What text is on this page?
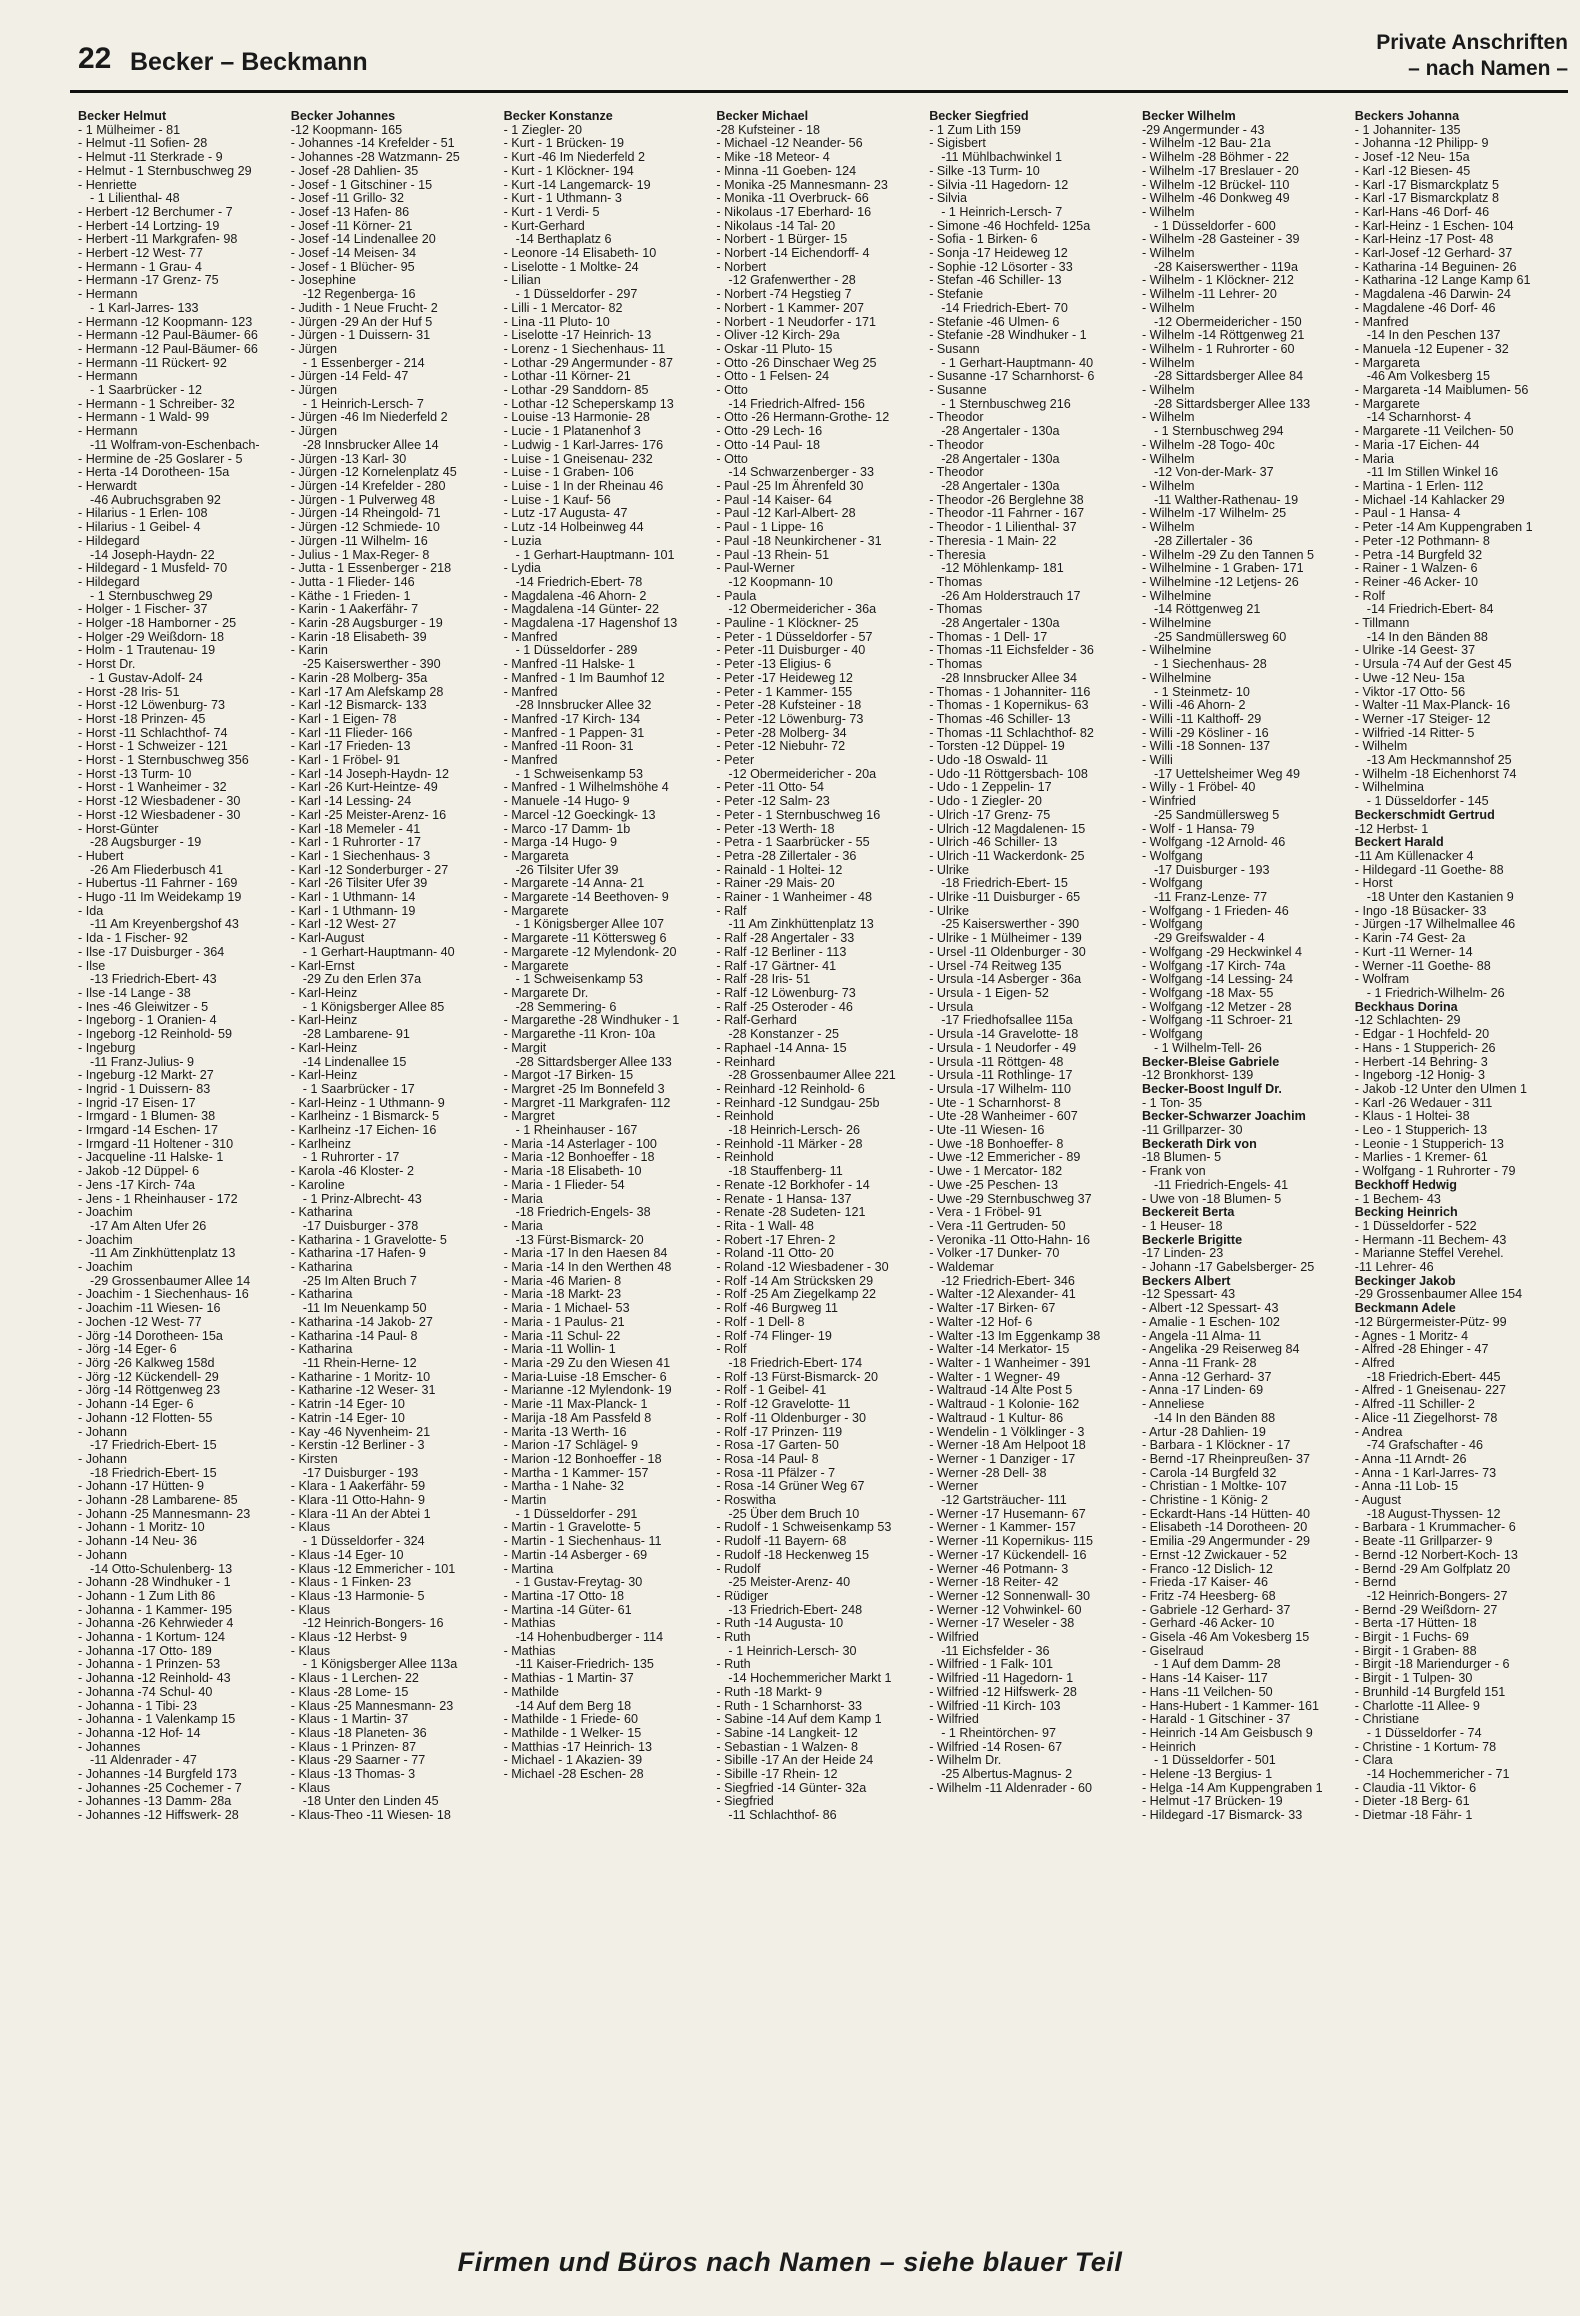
22 Becker – Beckmann
Private Anschriften
– nach Namen –
Becker Helmut
- 1 Mülheimer - 81
- Helmut -11 Sofien- 28
- Helmut -11 Sterkrade - 9
- Helmut - 1 Sternbuschweg 29
- Henriette
- 1 Lilienthal- 48
- Herbert -12 Berchumer - 7
- Herbert -14 Lortzing- 19
- Herbert -11 Markgrafen- 98
- Herbert -12 West- 77
- Hermann - 1 Grau- 4
- Hermann -17 Grenz- 75
- Hermann
- 1 Karl-Jarres- 133
- Hermann -12 Koopmann- 123
- Hermann -12 Paul-Bäumer- 66
- Hermann -12 Paul-Bäumer- 66
- Hermann -11 Rückert- 92
- Hermann
- 1 Saarbrücker - 12
- Hermann - 1 Schreiber- 32
- Hermann - 1 Wald- 99
- Hermann
-11 Wolfram-von-Eschenbach-
- Hermine de -25 Goslarer - 5
- Herta -14 Dorotheen- 15a
- Herwardt
-46 Aubruchsgraben 92
- Hilarius - 1 Erlen- 108
- Hilarius - 1 Geibel- 4
- Hildegard
-14 Joseph-Haydn- 22
- Hildegard - 1 Musfeld- 70
- Hildegard
- 1 Sternbuschweg 29
- Holger - 1 Fischer- 37
- Holger -18 Hamborner - 25
- Holger -29 Weißdorn- 18
- Holm - 1 Trautenau- 19
- Horst Dr.
- 1 Gustav-Adolf- 24
- Horst -28 Iris- 51
- Horst -12 Löwenburg- 73
- Horst -18 Prinzen- 45
- Horst -11 Schlachthof- 74
- Horst - 1 Schweizer - 121
- Horst - 1 Sternbuschweg 356
- Horst -13 Turm- 10
- Horst - 1 Wanheimer - 32
- Horst -12 Wiesbadener - 30
- Horst -12 Wiesbadener - 30
- Horst-Günter
-28 Augsburger - 19
- Hubert
-26 Am Fliederbusch 41
- Hubertus -11 Fahrner - 169
- Hugo -11 Im Weidekamp 19
- Ida
-11 Am Kreyenbergshof 43
- Ida - 1 Fischer- 92
- Ilse -17 Duisburger - 364
- Ilse
-13 Friedrich-Ebert- 43
- Ilse -14 Lange - 38
- Ines -46 Gleiwitzer - 5
- Ingeborg - 1 Oranien- 4
- Ingeborg -12 Reinhold- 59
- Ingeburg
-11 Franz-Julius- 9
- Ingeburg -12 Markt- 27
- Ingrid - 1 Duissern- 83
- Ingrid -17 Eisen- 17
- Irmgard - 1 Blumen- 38
- Irmgard -14 Eschen- 17
- Irmgard -11 Holtener - 310
- Jacqueline -11 Halske- 1
- Jakob -12 Düppel- 6
- Jens -17 Kirch- 74a
- Jens - 1 Rheinhauser - 172
- Joachim
-17 Am Alten Ufer 26
- Joachim
-11 Am Zinkhüttenplatz 13
- Joachim
-29 Grossenbaumer Allee 14
- Joachim - 1 Siechenhaus- 16
- Joachim -11 Wiesen- 16
- Jochen -12 West- 77
- Jörg -14 Dorotheen- 15a
- Jörg -14 Eger- 6
- Jörg -26 Kalkweg 158d
- Jörg -12 Kückendell- 29
- Jörg -14 Röttgenweg 23
- Johann -14 Eger- 6
- Johann -12 Flotten- 55
- Johann
-17 Friedrich-Ebert- 15
- Johann
-18 Friedrich-Ebert- 15
- Johann -17 Hütten- 9
- Johann -28 Lambarene- 85
- Johann -25 Mannesmann- 23
- Johann - 1 Moritz- 10
- Johann -14 Neu- 36
- Johann
-14 Otto-Schulenberg- 13
- Johann -28 Windhuker - 1
- Johann - 1 Zum Lith 86
- Johanna - 1 Kammer- 195
- Johanna -26 Kehrwieder 4
- Johanna - 1 Kortum- 124
- Johanna -17 Otto- 189
- Johanna - 1 Prinzen- 53
- Johanna -12 Reinhold- 43
- Johanna -74 Schul- 40
- Johanna - 1 Tibi- 23
- Johanna - 1 Valenkamp 15
- Johanna -12 Hof- 14
- Johannes
-11 Aldenrader - 47
- Johannes -14 Burgfeld 173
- Johannes -25 Cochemer - 7
- Johannes -13 Damm- 28a
- Johannes -12 Hiffswerk- 28
Becker Johannes
-12 Koopmann- 165
- Johannes -14 Krefelder - 51
- Johannes -28 Watzmann- 25
- Josef -28 Dahlien- 35
- Josef - 1 Gitschiner - 15
- Josef -11 Grillo- 32
- Josef -13 Hafen- 86
- Josef -11 Körner- 21
- Josef -14 Lindenallee 20
- Josef -14 Meisen- 34
- Josef - 1 Blücher- 95
- Josephine
-12 Regenberga- 16
- Judith - 1 Neue Frucht- 2
- Jürgen -29 An der Huf 5
- Jürgen - 1 Duissern- 31
- Jürgen
- 1 Essenberger - 214
- Jürgen -14 Feld- 47
- Jürgen
- 1 Heinrich-Lersch- 7
- Jürgen -46 Im Niederfeld 2
- Jürgen
-28 Innsbrucker Allee 14
- Jürgen -13 Karl- 30
- Jürgen -12 Kornelenplatz 45
- Jürgen -14 Krefelder - 280
- Jürgen - 1 Pulverweg 48
- Jürgen -14 Rheingold- 71
- Jürgen -12 Schmiede- 10
- Jürgen -11 Wilhelm- 16
- Julius - 1 Max-Reger- 8
- Jutta - 1 Essenberger - 218
- Jutta - 1 Flieder- 146
- Käthe - 1 Frieden- 1
- Karin - 1 Aakerfähr- 7
- Karin -28 Augsburger - 19
- Karin -18 Elisabeth- 39
- Karin
-25 Kaiserswerther - 390
- Karin -28 Molberg- 35a
- Karl -17 Am Alefskamp 28
- Karl -12 Bismarck- 133
- Karl - 1 Eigen- 78
- Karl -11 Flieder- 166
- Karl -17 Frieden- 13
- Karl - 1 Fröbel- 91
- Karl -14 Joseph-Haydn- 12
- Karl -26 Kurt-Heintze- 49
- Karl -14 Lessing- 24
- Karl -25 Meister-Arenz- 16
- Karl -18 Memeler - 41
- Karl - 1 Ruhrorter - 17
- Karl - 1 Siechenhaus- 3
- Karl -12 Sonderburger - 27
- Karl -26 Tilsiter Ufer 39
- Karl - 1 Uthmann- 14
- Karl - 1 Uthmann- 19
- Karl -12 West- 27
- Karl-August
- 1 Gerhart-Hauptmann- 40
- Karl-Ernst
-29 Zu den Erlen 37a
- Karl-Heinz
- 1 Königsberger Allee 85
- Karl-Heinz
-28 Lambarene- 91
- Karl-Heinz
-14 Lindenallee 15
- Karl-Heinz
- 1 Saarbrücker - 17
- Karl-Heinz - 1 Uthmann- 9
- Karlheinz - 1 Bismarck- 5
- Karlheinz -17 Eichen- 16
- Karlheinz
- 1 Ruhrorter - 17
- Karola -46 Kloster- 2
- Karoline
- 1 Prinz-Albrecht- 43
- Katharina
-17 Duisburger - 378
- Katharina - 1 Gravelotte- 5
- Katharina -17 Hafen- 9
- Katharina
-25 Im Alten Bruch 7
- Katharina
-11 Im Neuenkamp 50
- Katharina -14 Jakob- 27
- Katharina -14 Paul- 8
- Katharina
-11 Rhein-Herne- 12
- Katharine - 1 Moritz- 10
- Katharine -12 Weser- 31
- Katrin -14 Eger- 10
- Katrin -14 Eger- 10
- Kay -46 Nyvenheim- 21
- Kerstin -12 Berliner - 3
- Kirsten
-17 Duisburger - 193
- Klara - 1 Aakerfähr- 59
- Klara -11 Otto-Hahn- 9
- Klara -11 An der Abtei 1
- Klaus
- 1 Düsseldorfer - 324
- Klaus -14 Eger- 10
- Klaus -12 Emmericher - 101
- Klaus - 1 Finken- 23
- Klaus -13 Harmonie- 5
- Klaus
-12 Heinrich-Bongers- 16
- Klaus -12 Herbst- 9
- Klaus
- 1 Königsberger Allee 113a
- Klaus - 1 Lerchen- 22
- Klaus -28 Lome- 15
- Klaus -25 Mannesmann- 23
- Klaus - 1 Martin- 37
- Klaus -18 Planeten- 36
- Klaus - 1 Prinzen- 87
- Klaus -29 Saarner - 77
- Klaus -13 Thomas- 3
- Klaus
-18 Unter den Linden 45
- Klaus-Theo -11 Wiesen- 18
Becker Konstanze
- 1 Ziegler- 20
- Kurt - 1 Brücken- 19
- Kurt -46 Im Niederfeld 2
- Kurt - 1 Klöckner- 194
- Kurt -14 Langemarck- 19
- Kurt - 1 Uthmann- 3
- Kurt - 1 Verdi- 5
- Kurt-Gerhard
-14 Berthaplatz 6
- Leonore -14 Elisabeth- 10
- Liselotte - 1 Moltke- 24
- Lilian
- 1 Düsseldorfer - 297
- Lilli - 1 Mercator- 82
- Lina -11 Pluto- 10
- Liselotte -17 Heinrich- 13
- Lorenz - 1 Siechenhaus- 11
- Lothar -29 Angermunder - 87
- Lothar -11 Körner- 21
- Lothar -29 Sanddorn- 85
- Lothar -12 Scheperskamp 13
- Louise -13 Harmonie- 28
- Lucie - 1 Platanenhof 3
- Ludwig - 1 Karl-Jarres- 176
- Luise - 1 Gneisenau- 232
- Luise - 1 Graben- 106
- Luise - 1 In der Rheinau 46
- Luise - 1 Kauf- 56
- Lutz -17 Augusta- 47
- Lutz -14 Holbeinweg 44
- Luzia
- 1 Gerhart-Hauptmann- 101
- Lydia
-14 Friedrich-Ebert- 78
- Magdalena -46 Ahorn- 2
- Magdalena -14 Günter- 22
- Magdalena -17 Hagenshof 13
- Manfred
- 1 Düsseldorfer - 289
- Manfred -11 Halske- 1
- Manfred - 1 Im Baumhof 12
- Manfred
-28 Innsbrucker Allee 32
- Manfred -17 Kirch- 134
- Manfred - 1 Pappen- 31
- Manfred -11 Roon- 31
- Manfred
- 1 Schweisenkamp 53
- Manfred - 1 Wilhelmshöhe 4
- Manuele -14 Hugo- 9
- Marcel -12 Goeckingk- 13
- Marco -17 Damm- 1b
- Marga -14 Hugo- 9
- Margareta
-26 Tilsiter Ufer 39
- Margarete -14 Anna- 21
- Margarete -14 Beethoven- 9
- Margarete
- 1 Königsberger Allee 107
- Margarete -11 Köttersweg 6
- Margarete -12 Mylendonk- 20
- Margarete
- 1 Schweisenkamp 53
- Margarete Dr.
-28 Semmering- 6
- Margarethe -28 Windhuker - 1
- Margarethe -11 Kron- 10a
- Margit
-28 Sittardsberger Allee 133
- Margot -17 Birken- 15
- Margret -25 Im Bonnefeld 3
- Margret -11 Markgrafen- 112
- Margret
- 1 Rheinhauser - 167
- Maria -14 Asterlager - 100
- Maria -12 Bonhoeffer - 18
- Maria -18 Elisabeth- 10
- Maria - 1 Flieder- 54
- Maria
-18 Friedrich-Engels- 38
- Maria
-13 Fürst-Bismarck- 20
- Maria -17 In den Haesen 84
- Maria -14 In den Werthen 48
- Maria -46 Marien- 8
- Maria -18 Markt- 23
- Maria - 1 Michael- 53
- Maria - 1 Paulus- 21
- Maria -11 Schul- 22
- Maria -11 Wollin- 1
- Maria -29 Zu den Wiesen 41
- Maria-Luise -18 Emscher- 6
- Marianne -12 Mylendonk- 19
- Marie -11 Max-Planck- 1
- Marija -18 Am Passfeld 8
- Marita -13 Werth- 16
- Marion -17 Schlägel- 9
- Marion -12 Bonhoeffer - 18
- Martha - 1 Kammer- 157
- Martha - 1 Nahe- 32
- Martin
- 1 Düsseldorfer - 291
- Martin - 1 Gravelotte- 5
- Martin - 1 Siechenhaus- 11
- Martin -14 Asberger - 69
- Martina
- 1 Gustav-Freytag- 30
- Martina -17 Otto- 18
- Martina -14 Güter- 61
- Mathias
-14 Hohenbudberger - 114
- Mathias
-11 Kaiser-Friedrich- 135
- Mathias - 1 Martin- 37
- Mathilde
-14 Auf dem Berg 18
- Mathilde - 1 Friede- 60
- Mathilde - 1 Welker- 15
- Matthias -17 Heinrich- 13
- Michael - 1 Akazien- 39
- Michael -28 Eschen- 28
Becker Michael
-28 Kufsteiner - 18
- Michael -12 Neander- 56
- Mike -18 Meteor- 4
- Minna -11 Goeben- 124
- Monika -25 Mannesmann- 23
- Monika -11 Overbruck- 66
- Nikolaus -17 Eberhard- 16
- Nikolaus -14 Tal- 20
- Norbert - 1 Bürger- 15
- Norbert -14 Eichendorff- 4
- Norbert
-12 Grafenwerther - 28
- Norbert -74 Hegstieg 7
- Norbert - 1 Kammer- 207
- Norbert - 1 Neudorfer - 171
- Oliver -12 Kirch- 29a
- Oskar -11 Pluto- 15
- Otto -26 Dinschaer Weg 25
- Otto - 1 Felsen- 24
- Otto
-14 Friedrich-Alfred- 156
- Otto -26 Hermann-Grothe- 12
- Otto -29 Lech- 16
- Otto -14 Paul- 18
- Otto
-14 Schwarzenberger - 33
- Paul -25 Im Ährenfeld 30
- Paul -14 Kaiser- 64
- Paul -12 Karl-Albert- 28
- Paul - 1 Lippe- 16
- Paul -18 Neunkirchener - 31
- Paul -13 Rhein- 51
- Paul-Werner
-12 Koopmann- 10
- Paula
-12 Obermeidericher - 36a
- Pauline - 1 Klöckner- 25
- Peter - 1 Düsseldorfer - 57
- Peter -11 Duisburger - 40
- Peter -13 Eligius- 6
- Peter -17 Heideweg 12
- Peter - 1 Kammer- 155
- Peter -28 Kufsteiner - 18
- Peter -12 Löwenburg- 73
- Peter -28 Molberg- 34
- Peter -12 Niebuhr- 72
- Peter
-12 Obermeidericher - 20a
- Peter -11 Otto- 54
- Peter -12 Salm- 23
- Peter - 1 Sternbuschweg 16
- Peter -13 Werth- 18
- Petra - 1 Saarbrücker - 55
- Petra -28 Zillertaler - 36
- Rainald - 1 Holtei- 12
- Rainer -29 Mais- 20
- Rainer - 1 Wanheimer - 48
- Ralf
-11 Am Zinkhüttenplatz 13
- Ralf -28 Angertaler - 33
- Ralf -12 Berliner - 113
- Ralf -17 Gärtner- 41
- Ralf -28 Iris- 51
- Ralf -12 Löwenburg- 73
- Ralf -25 Osteroder - 46
- Ralf-Gerhard
-28 Konstanzer - 25
- Raphael -14 Anna- 15
- Reinhard
-28 Grossenbaumer Allee 221
- Reinhard -12 Reinhold- 6
- Reinhard -12 Sundgau- 25b
- Reinhold
-18 Heinrich-Lersch- 26
- Reinhold -11 Märker - 28
- Reinhold
-18 Stauffenberg- 11
- Renate -12 Borkhofer - 14
- Renate - 1 Hansa- 137
- Renate -28 Sudeten- 121
- Rita - 1 Wall- 48
- Robert -17 Ehren- 2
- Roland -11 Otto- 20
- Roland -12 Wiesbadener - 30
- Rolf -14 Am Strücksken 29
- Rolf -25 Am Ziegelkamp 22
- Rolf -46 Burgweg 11
- Rolf - 1 Dell- 8
- Rolf -74 Flinger- 19
- Rolf
-18 Friedrich-Ebert- 174
- Rolf -13 Fürst-Bismarck- 20
- Rolf - 1 Geibel- 41
- Rolf -12 Gravelotte- 11
- Rolf -11 Oldenburger - 30
- Rolf -17 Prinzen- 119
- Rosa -17 Garten- 50
- Rosa -14 Paul- 8
- Rosa -11 Pfälzer - 7
- Rosa -14 Grüner Weg 67
- Roswitha
-25 Über dem Bruch 10
- Rudolf - 1 Schweisenkamp 53
- Rudolf -11 Bayern- 68
- Rudolf -18 Heckenweg 15
- Rudolf
-25 Meister-Arenz- 40
- Rüdiger
-13 Friedrich-Ebert- 248
- Ruth -14 Augusta- 10
- Ruth
- 1 Heinrich-Lersch- 30
- Ruth
-14 Hochemmericher Markt 1
- Ruth -18 Markt- 9
- Ruth - 1 Scharnhorst- 33
- Sabine -14 Auf dem Kamp 1
- Sabine -14 Langkeit- 12
- Sebastian - 1 Walzen- 8
- Sibille -17 An der Heide 24
- Sibille -17 Rhein- 12
- Siegfried -14 Günter- 32a
- Siegfried
-11 Schlachthof- 86
Becker Siegfried
- 1 Zum Lith 159
- Sigisbert
-11 Mühlbachwinkel 1
- Silke -13 Turm- 10
- Silvia -11 Hagedorn- 12
- Silvia
- 1 Heinrich-Lersch- 7
- Simone -46 Hochfeld- 125a
- Sofia - 1 Birken- 6
- Sonja -17 Heideweg 12
- Sophie -12 Lösorter - 33
- Stefan -46 Schiller- 13
- Stefanie
-14 Friedrich-Ebert- 70
- Stefanie -46 Ulmen- 6
- Stefanie -28 Windhuker - 1
- Susann
- 1 Gerhart-Hauptmann- 40
- Susanne -17 Scharnhorst- 6
- Susanne
- 1 Sternbuschweg 216
- Theodor
-28 Angertaler - 130a
- Theodor
-28 Angertaler - 130a
- Theodor
-28 Angertaler - 130a
- Theodor -26 Berglehne 38
- Theodor -11 Fahrner - 167
- Theodor - 1 Lilienthal- 37
- Theresia - 1 Main- 22
- Theresia
-12 Möhlenkamp- 181
- Thomas
-26 Am Holderstrauch 17
- Thomas
-28 Angertaler - 130a
- Thomas - 1 Dell- 17
- Thomas -11 Eichsfelder - 36
- Thomas
-28 Innsbrucker Allee 34
- Thomas - 1 Johanniter- 116
- Thomas - 1 Kopernikus- 63
- Thomas -46 Schiller- 13
- Thomas -11 Schlachthof- 82
- Torsten -12 Düppel- 19
- Udo -18 Oswald- 11
- Udo -11 Röttgersbach- 108
- Udo - 1 Zeppelin- 17
- Udo - 1 Ziegler- 20
- Ulrich -17 Grenz- 75
- Ulrich -12 Magdalenen- 15
- Ulrich -46 Schiller- 13
- Ulrich -11 Wackerdonk- 25
- Ulrike
-18 Friedrich-Ebert- 15
- Ulrike -11 Duisburger - 65
- Ulrike
-25 Kaiserswerther - 390
- Ulrike - 1 Mülheimer - 139
- Ursel -11 Oldenburger - 30
- Ursel -74 Reitweg 135
- Ursula -14 Asberger - 36a
- Ursula - 1 Eigen- 52
- Ursula
-17 Friedhofsallee 115a
- Ursula -14 Gravelotte- 18
- Ursula - 1 Neudorfer - 49
- Ursula -11 Röttgen- 48
- Ursula -11 Rothlinge- 17
- Ursula -17 Wilhelm- 110
- Ute - 1 Scharnhorst- 8
- Ute -28 Wanheimer - 607
- Ute -11 Wiesen- 16
- Uwe -18 Bonhoeffer- 8
- Uwe -12 Emmericher - 89
- Uwe - 1 Mercator- 182
- Uwe -25 Peschen- 13
- Uwe -29 Sternbuschweg 37
- Vera - 1 Fröbel- 91
- Vera -11 Gertruden- 50
- Veronika -11 Otto-Hahn- 16
- Volker -17 Dunker- 70
- Waldemar
-12 Friedrich-Ebert- 346
- Walter -12 Alexander- 41
- Walter -17 Birken- 67
- Walter -12 Hof- 6
- Walter -13 Im Eggenkamp 38
- Walter -14 Merkator- 15
- Walter - 1 Wanheimer - 391
- Walter - 1 Wegner- 49
- Waltraud -14 Alte Post 5
- Waltraud - 1 Kolonie- 162
- Waltraud - 1 Kultur- 86
- Wendelin - 1 Völklinger - 3
- Werner -18 Am Helpoot 18
- Werner - 1 Danziger - 17
- Werner -28 Dell- 38
- Werner
-12 Gartsträucher- 111
- Werner -17 Husemann- 67
- Werner - 1 Kammer- 157
- Werner -11 Kopernikus- 115
- Werner -17 Kückendell- 16
- Werner -46 Potmann- 3
- Werner -18 Reiter- 42
- Werner -12 Sonnenwall- 30
- Werner -12 Vohwinkel- 60
- Werner -17 Weseler - 38
- Wilfried
-11 Eichsfelder - 36
- Wilfried - 1 Falk- 101
- Wilfried -11 Hagedorn- 1
- Wilfried -12 Hilfswerk- 28
- Wilfried -11 Kirch- 103
- Wilfried
- 1 Rheintörchen- 97
- Wilfried -14 Rosen- 67
- Wilhelm Dr.
-25 Albertus-Magnus- 2
- Wilhelm -11 Aldenrader - 60
Becker Wilhelm
-29 Angermunder - 43
- Wilhelm -12 Bau- 21a
- Wilhelm -28 Böhmer - 22
- Wilhelm -17 Breslauer - 20
- Wilhelm -12 Brückel- 110
- Wilhelm -46 Donkweg 49
- Wilhelm
- 1 Düsseldorfer - 600
- Wilhelm -28 Gasteiner - 39
- Wilhelm
-28 Kaiserswerther - 119a
- Wilhelm - 1 Klöckner- 212
- Wilhelm -11 Lehrer- 20
- Wilhelm
-12 Obermeidericher - 150
- Wilhelm -14 Röttgenweg 21
- Wilhelm - 1 Ruhrorter - 60
- Wilhelm
-28 Sittardsberger Allee 84
- Wilhelm
-28 Sittardsberger Allee 133
- Wilhelm
- 1 Sternbuschweg 294
- Wilhelm -28 Togo- 40c
- Wilhelm
-12 Von-der-Mark- 37
- Wilhelm
-11 Walther-Rathenau- 19
- Wilhelm -17 Wilhelm- 25
- Wilhelm
-28 Zillertaler - 36
- Wilhelm -29 Zu den Tannen 5
- Wilhelmine - 1 Graben- 171
- Wilhelmine -12 Letjens- 26
- Wilhelmine
-14 Röttgenweg 21
- Wilhelmine
-25 Sandmüllersweg 60
- Wilhelmine
- 1 Siechenhaus- 28
- Wilhelmine
- 1 Steinmetz- 10
- Willi -46 Ahorn- 2
- Willi -11 Kalthoff- 29
- Willi -29 Kösliner - 16
- Willi -18 Sonnen- 137
- Willi
-17 Uettelsheimer Weg 49
- Willy - 1 Fröbel- 40
- Winfried
-25 Sandmüllersweg 5
- Wolf - 1 Hansa- 79
- Wolfgang -12 Arnold- 46
- Wolfgang
-17 Duisburger - 193
- Wolfgang
-11 Franz-Lenze- 77
- Wolfgang - 1 Frieden- 46
- Wolfgang
-29 Greifswalder - 4
- Wolfgang -29 Heckwinkel 4
- Wolfgang -17 Kirch- 74a
- Wolfgang -14 Lessing- 24
- Wolfgang -18 Max- 55
- Wolfgang -12 Metzer - 28
- Wolfgang -11 Schroer- 21
- Wolfgang
- 1 Wilhelm-Tell- 26
Becker-Bleise Gabriele
-12 Bronkhorst- 139
Becker-Boost Ingulf Dr.
- 1 Ton- 35
Becker-Schwarzer Joachim
-11 Grillparzer- 30
Beckerath Dirk von
-18 Blumen- 5
- Frank von
-11 Friedrich-Engels- 41
- Uwe von -18 Blumen- 5
Beckereit Berta
- 1 Heuser- 18
Beckerle Brigitte
-17 Linden- 23
- Johann -17 Gabelsberger- 25
Beckers Albert
-12 Spessart- 43
- Albert -12 Spessart- 43
- Amalie - 1 Eschen- 102
- Angela -11 Alma- 11
- Angelika -29 Reiserweg 84
- Anna -11 Frank- 28
- Anna -12 Gerhard- 37
- Anna -17 Linden- 69
- Anneliese
-14 In den Bänden 88
- Artur -28 Dahlien- 19
- Barbara - 1 Klöckner - 17
- Bernd -17 Rheinpreußen- 37
- Carola -14 Burgfeld 32
- Christian - 1 Moltke- 107
- Christine - 1 König- 2
- Eckardt-Hans -14 Hütten- 40
- Elisabeth -14 Dorotheen- 20
- Emilia -29 Angermunder - 29
- Ernst -12 Zwickauer - 52
- Franco -12 Dislich- 12
- Frieda -17 Kaiser- 46
- Fritz -74 Heesberg- 68
- Gabriele -12 Gerhard- 37
- Gerhard -46 Acker- 10
- Gisela -46 Am Vokesberg 15
- Giselraud
- 1 Auf dem Damm- 28
- Hans -14 Kaiser- 117
- Hans -11 Veilchen- 50
- Hans-Hubert - 1 Kammer- 161
- Harald - 1 Gitschiner - 37
- Heinrich -14 Am Geisbusch 9
- Heinrich
- 1 Düsseldorfer - 501
- Helene -13 Bergius- 1
- Helga -14 Am Kuppengraben 1
- Helmut -17 Brücken- 19
- Hildegard -17 Bismarck- 33
Beckers Johanna
- 1 Johanniter- 135
- Johanna -12 Philipp- 9
- Josef -12 Neu- 15a
- Karl -12 Biesen- 45
- Karl -17 Bismarckplatz 5
- Karl -17 Bismarckplatz 8
- Karl-Hans -46 Dorf- 46
- Karl-Heinz - 1 Eschen- 104
- Karl-Heinz -17 Post- 48
- Karl-Josef -12 Gerhard- 37
- Katharina -14 Beguinen- 26
- Katharina -12 Lange Kamp 61
- Magdalena -46 Darwin- 24
- Magdalene -46 Dorf- 46
- Manfred
-14 In den Peschen 137
- Manuela -12 Eupener - 32
- Margareta
-46 Am Volkesberg 15
- Margareta -14 Maiblumen- 56
- Margarete
-14 Scharnhorst- 4
- Margarete -11 Veilchen- 50
- Maria -17 Eichen- 44
- Maria
-11 Im Stillen Winkel 16
- Martina - 1 Erlen- 112
- Michael -14 Kahlacker 29
- Paul - 1 Hansa- 4
- Peter -14 Am Kuppengraben 1
- Peter -12 Pothmann- 8
- Petra -14 Burgfeld 32
- Rainer - 1 Walzen- 6
- Reiner -46 Acker- 10
- Rolf
-14 Friedrich-Ebert- 84
- Tillmann
-14 In den Bänden 88
- Ulrike -14 Geest- 37
- Ursula -74 Auf der Gest 45
- Uwe -12 Neu- 15a
- Viktor -17 Otto- 56
- Walter -11 Max-Planck- 16
- Werner -17 Steiger- 12
- Wilfried -14 Ritter- 5
- Wilhelm
-13 Am Heckmannshof 25
- Wilhelm -18 Eichenhorst 74
- Wilhelmina
- 1 Düsseldorfer - 145
Beckerschmidt Gertrud
-12 Herbst- 1
Beckert Harald
-11 Am Küllenacker 4
- Hildegard -11 Goethe- 88
- Horst
-18 Unter den Kastanien 9
- Ingo -18 Büsacker- 33
- Jürgen -17 Wilhelmallee 46
- Karin -74 Gest- 2a
- Kurt -11 Werner- 14
- Werner -11 Goethe- 88
- Wolfram
- 1 Friedrich-Wilhelm- 26
Beckhaus Dorina
-12 Schlachten- 29
- Edgar - 1 Hochfeld- 20
- Hans - 1 Stupperich- 26
- Herbert -14 Behring- 3
- Ingeborg -12 Honig- 3
- Jakob -12 Unter den Ulmen 1
- Karl -26 Wedauer - 311
- Klaus - 1 Holtei- 38
- Leo - 1 Stupperich- 13
- Leonie - 1 Stupperich- 13
- Marlies - 1 Kremer- 61
- Wolfgang - 1 Ruhrorter - 79
Beckhoff Hedwig
- 1 Bechem- 43
Becking Heinrich
- 1 Düsseldorfer - 522
- Hermann -11 Bechem- 43
- Marianne Steffel Verehel.
-11 Lehrer- 46
Beckinger Jakob
-29 Grossenbaumer Allee 154
Beckmann Adele
-12 Bürgermeister-Pütz- 99
- Agnes - 1 Moritz- 4
- Alfred -28 Ehinger - 47
- Alfred
-18 Friedrich-Ebert- 445
- Alfred - 1 Gneisenau- 227
- Alfred -11 Schiller- 2
- Alice -11 Ziegelhorst- 78
- Andrea
-74 Grafschafter - 46
- Anna -11 Arndt- 26
- Anna - 1 Karl-Jarres- 73
- Anna -11 Lob- 15
- August
-18 August-Thyssen- 12
- Barbara - 1 Krummacher- 6
- Beate -11 Grillparzer- 9
- Bernd -12 Norbert-Koch- 13
- Bernd -29 Am Golfplatz 20
- Bernd
-12 Heinrich-Bongers- 27
- Bernd -29 Weißdorn- 27
- Berta -17 Hütten- 18
- Birgit - 1 Fuchs- 69
- Birgit - 1 Graben- 88
- Birgit -18 Mariendurger - 6
- Birgit - 1 Tulpen- 30
- Brunhild -14 Burgfeld 151
- Charlotte -11 Allee- 9
- Christiane
- 1 Düsseldorfer - 74
- Christine - 1 Kortum- 78
- Clara
-14 Hochemmericher - 71
- Claudia -11 Viktor- 6
- Dieter -18 Berg- 61
- Dietmar -18 Fähr- 1
Firmen und Büros nach Namen – siehe blauer Teil
